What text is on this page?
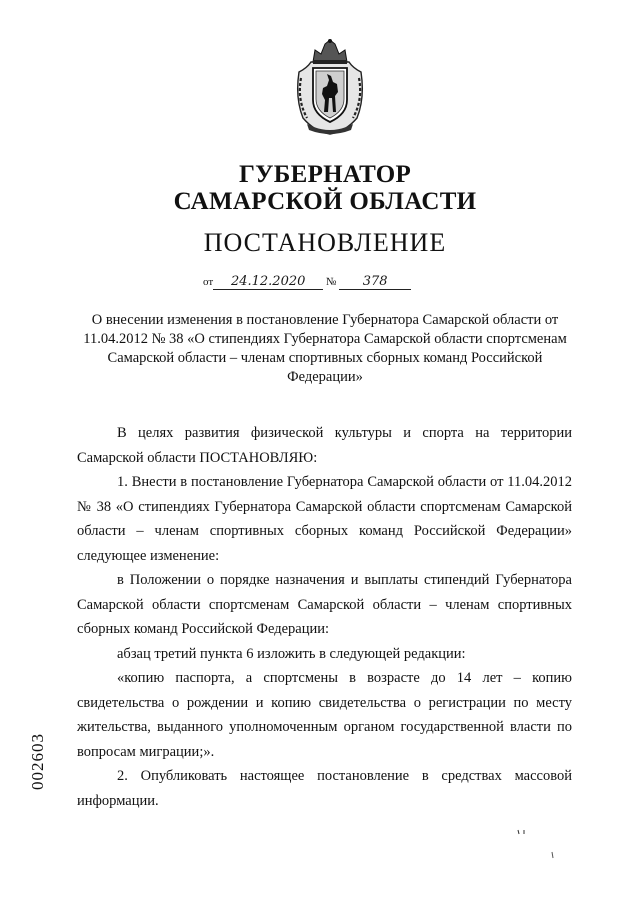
ГУБЕРНАТОР
САМАРСКОЙ ОБЛАСТИ
ПОСТАНОВЛЕНИЕ
от 24.12.2020 № 378
О внесении изменения в постановление Губернатора Самарской области от 11.04.2012 № 38 «О стипендиях Губернатора Самарской области спортсменам Самарской области – членам спортивных сборных команд Российской Федерации»

В целях развития физической культуры и спорта на территории Самарской области ПОСТАНОВЛЯЮ:

1. Внести в постановление Губернатора Самарской области от 11.04.2012 № 38 «О стипендиях Губернатора Самарской области спортсменам Самарской области – членам спортивных сборных команд Российской Федерации» следующее изменение:

в Положении о порядке назначения и выплаты стипендий Губернатора Самарской области спортсменам Самарской области – членам спортивных сборных команд Российской Федерации:

абзац третий пункта 6 изложить в следующей редакции:

«копию паспорта, а спортсмены в возрасте до 14 лет – копию свидетельства о рождении и копию свидетельства о регистрации по месту жительства, выданного уполномоченным органом государственной власти по вопросам миграции;».

2. Опубликовать настоящее постановление в средствах массовой информации.

002603
